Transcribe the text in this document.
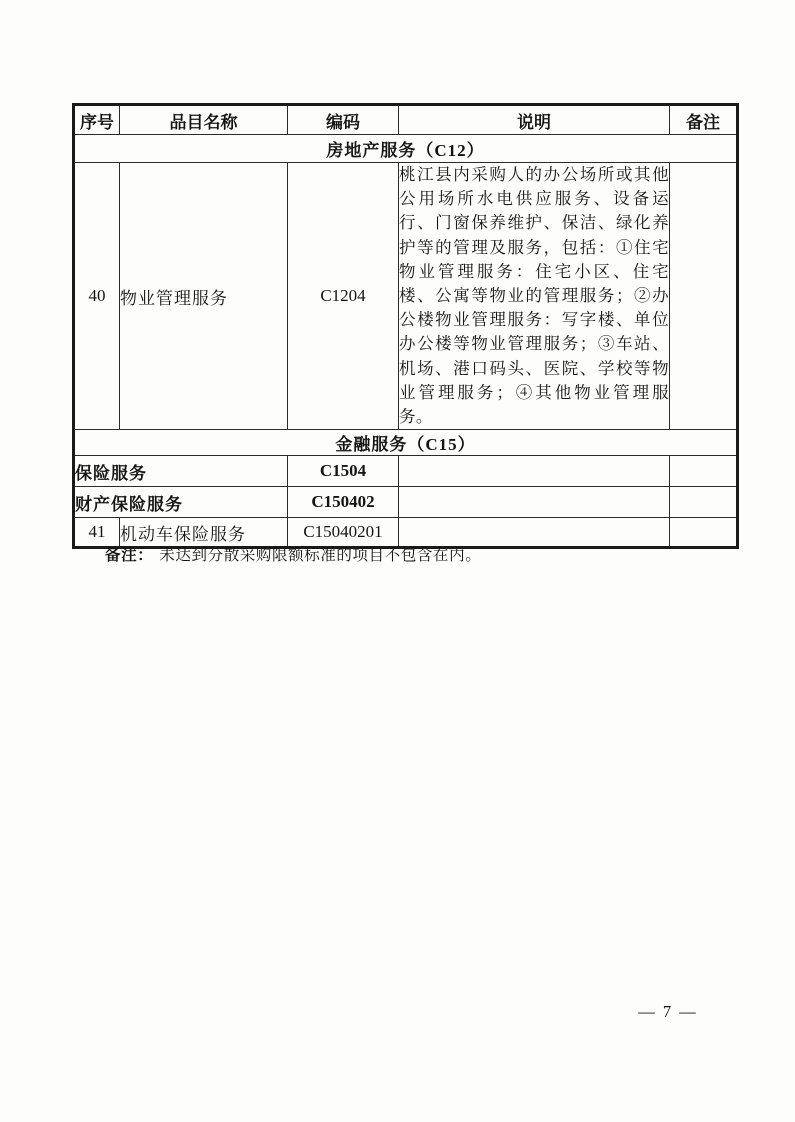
序号	品目名称	编码	说明	备注
房地产服务（C12）				
40	物业管理服务	C1204	桃江县内采购人的办公场所或其他公用场所水电供应服务、设备运行、门窗保养维护、保洁、绿化养护等的管理及服务，包括：①住宅物业管理服务：住宅小区、住宅楼、公寓等物业的管理服务；②办公楼物业管理服务：写字楼、单位办公楼等物业管理服务；③车站、机场、港口码头、医院、学校等物业管理服务；④其他物业管理服务。	

金融服务（C15）				
保险服务		C1504		
财产保险服务		C150402		
41	机动车保险服务	C15040201		
备注： 未达到分散采购限额标准的项目不包含在内。
— 7 —
